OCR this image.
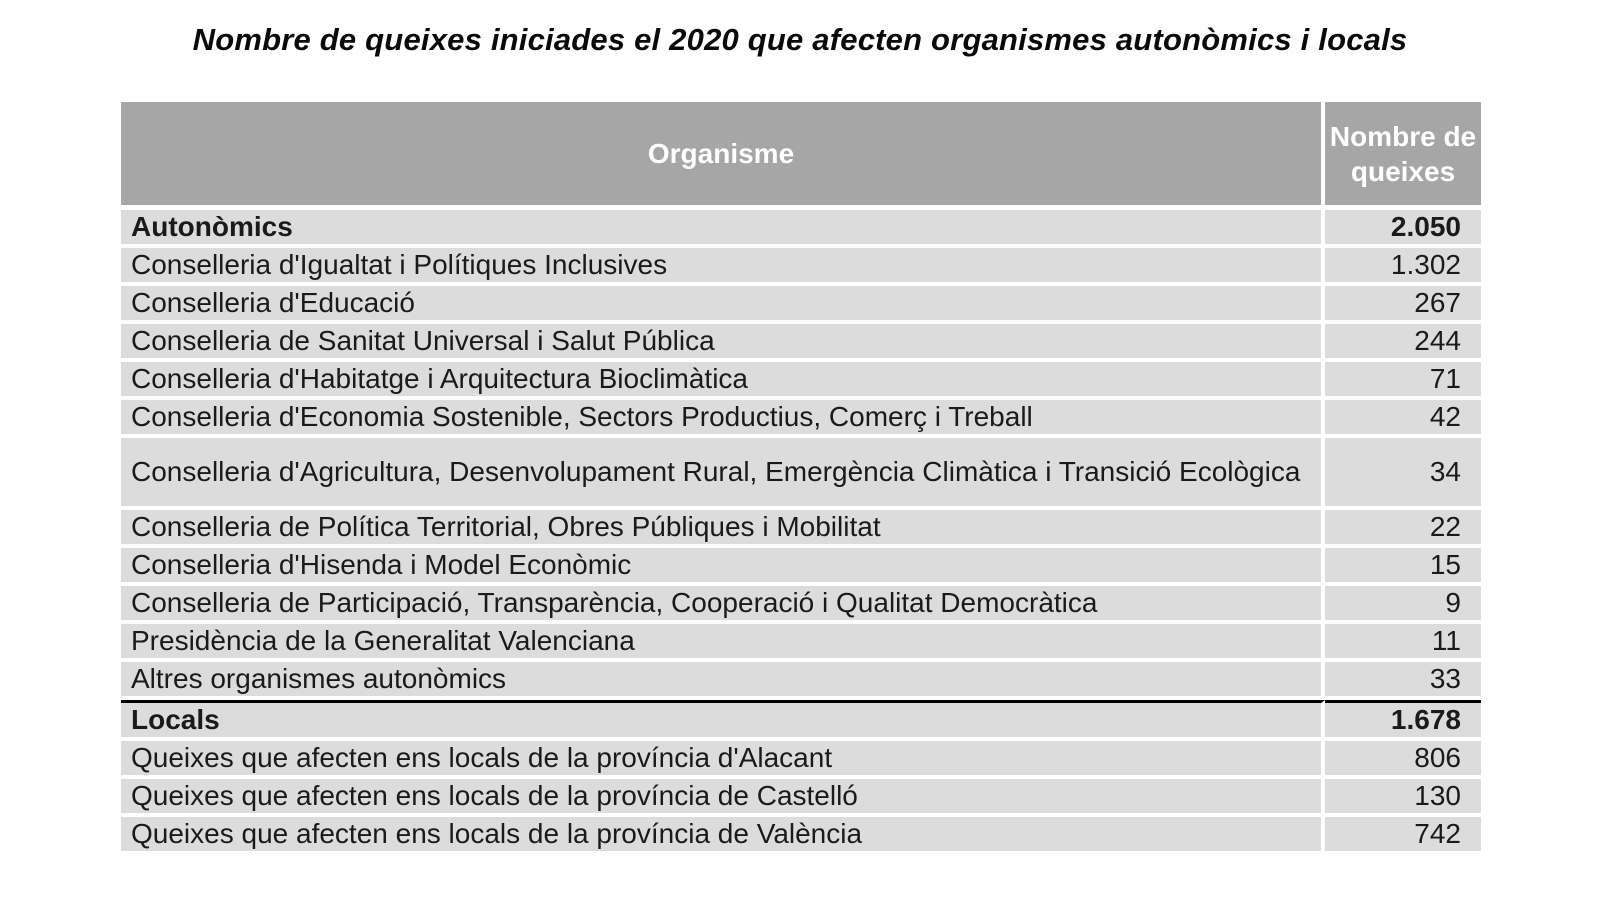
Nombre de queixes iniciades el 2020 que afecten organismes autonòmics i locals
Organisme	Nombre de queixes
Autonòmics	2.050
Conselleria d'Igualtat i Polítiques Inclusives	1.302
Conselleria d'Educació	267
Conselleria de Sanitat Universal i Salut Pública	244
Conselleria d'Habitatge i Arquitectura Bioclimàtica	71
Conselleria d'Economia Sostenible, Sectors Productius, Comerç i Treball	42
Conselleria d'Agricultura, Desenvolupament Rural, Emergència Climàtica i Transició Ecològica	34
Conselleria de Política Territorial, Obres Públiques i Mobilitat	22
Conselleria d'Hisenda i Model Econòmic	15
Conselleria de Participació, Transparència, Cooperació i Qualitat Democràtica	9
Presidència de la Generalitat Valenciana	11
Altres organismes autonòmics	33
Locals	1.678
Queixes que afecten ens locals de la província d'Alacant	806
Queixes que afecten ens locals de la província de Castelló	130
Queixes que afecten ens locals de la província de València	742
